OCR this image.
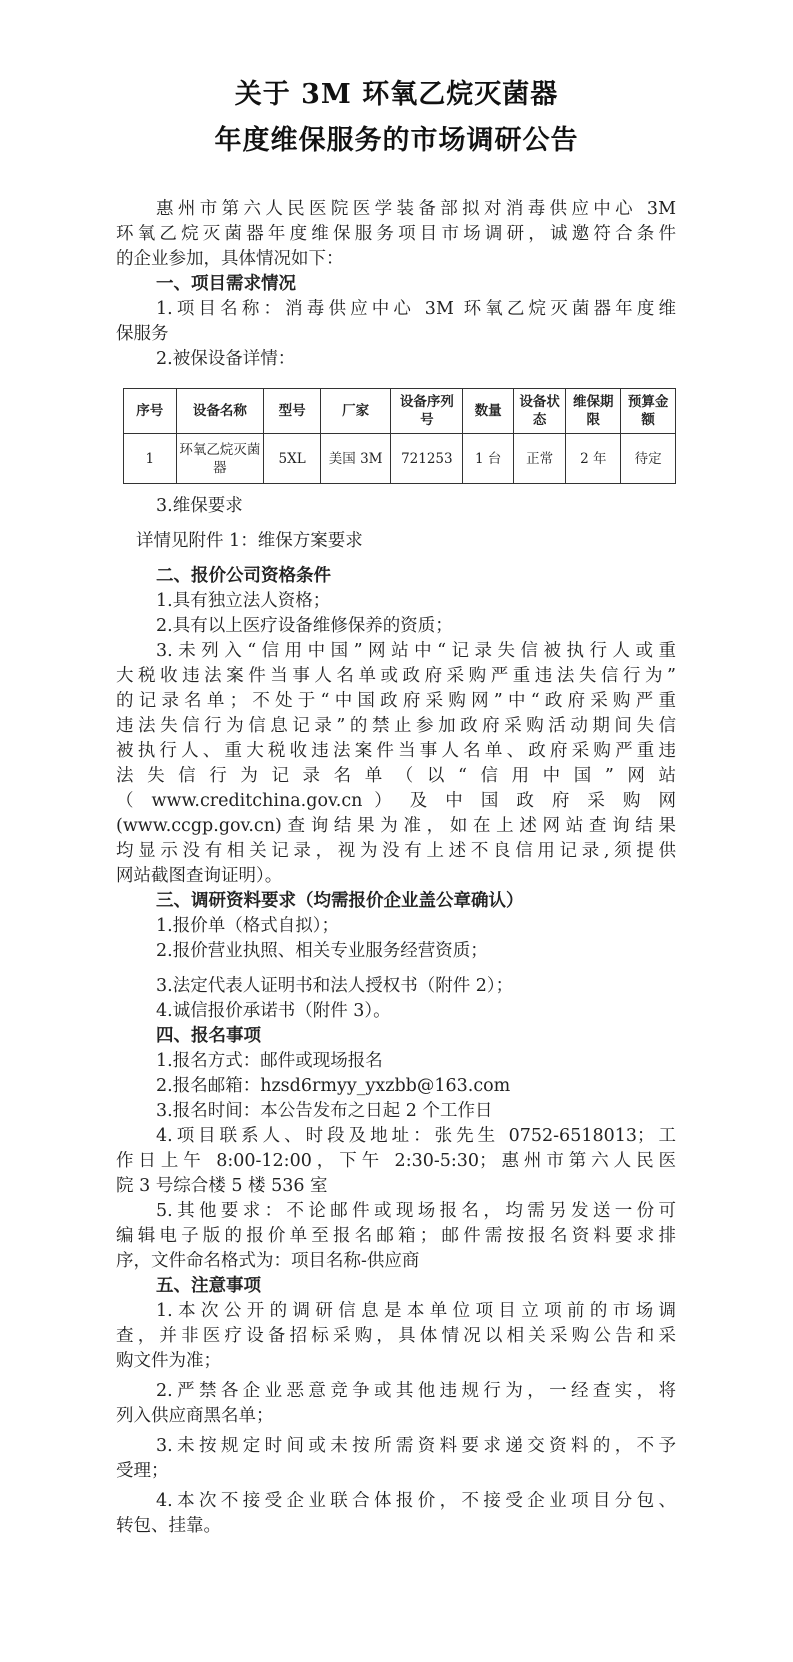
关于 3M 环氧乙烷灭菌器
年度维保服务的市场调研公告
惠州市第六人民医院医学装备部拟对消毒供应中心 3M
环氧乙烷灭菌器年度维保服务项目市场调研，诚邀符合条件
的企业参加，具体情况如下：
一、项目需求情况
1.项目名称：消毒供应中心 3M 环氧乙烷灭菌器年度维
保服务
2.被保设备详情：
序号	设备名称	型号	厂家	设备序列号	数量	设备状态	维保期限	预算金额
1	环氧乙烷灭菌器	5XL	美国 3M	721253	1 台	正常	2 年	待定
3.维保要求
详情见附件 1：维保方案要求
二、报价公司资格条件
1.具有独立法人资格；
2.具有以上医疗设备维修保养的资质；
3.未列入“信用中国”网站中“记录失信被执行人或重
大税收违法案件当事人名单或政府采购严重违法失信行为”
的记录名单；不处于“中国政府采购网”中“政府采购严重
违法失信行为信息记录”的禁止参加政府采购活动期间失信
被执行人、重大税收违法案件当事人名单、政府采购严重违
法失信行为记录名单（以“信用中国”网站
（ www.creditchina.gov.cn ） 及 中 国 政 府 采 购 网
(www.ccgp.gov.cn)查询结果为准，如在上述网站查询结果
均显示没有相关记录，视为没有上述不良信用记录,须提供
网站截图查询证明）。
三、调研资料要求（均需报价企业盖公章确认）
1.报价单（格式自拟）；
2.报价营业执照、相关专业服务经营资质；
3.法定代表人证明书和法人授权书（附件 2）；
4.诚信报价承诺书（附件 3）。
四、报名事项
1.报名方式：邮件或现场报名
2.报名邮箱：hzsd6rmyy_yxzbb@163.com
3.报名时间：本公告发布之日起 2 个工作日
4.项目联系人、时段及地址：张先生 0752-6518013；工
作日上午 8:00-12:00，下午 2:30-5:30；惠州市第六人民医
院 3 号综合楼 5 楼 536 室
5.其他要求：不论邮件或现场报名，均需另发送一份可
编辑电子版的报价单至报名邮箱；邮件需按报名资料要求排
序，文件命名格式为：项目名称-供应商
五、注意事项
1.本次公开的调研信息是本单位项目立项前的市场调
查，并非医疗设备招标采购，具体情况以相关采购公告和采
购文件为准；
2.严禁各企业恶意竞争或其他违规行为，一经查实，将
列入供应商黑名单；
3.未按规定时间或未按所需资料要求递交资料的，不予
受理；
4.本次不接受企业联合体报价，不接受企业项目分包、
转包、挂靠。
